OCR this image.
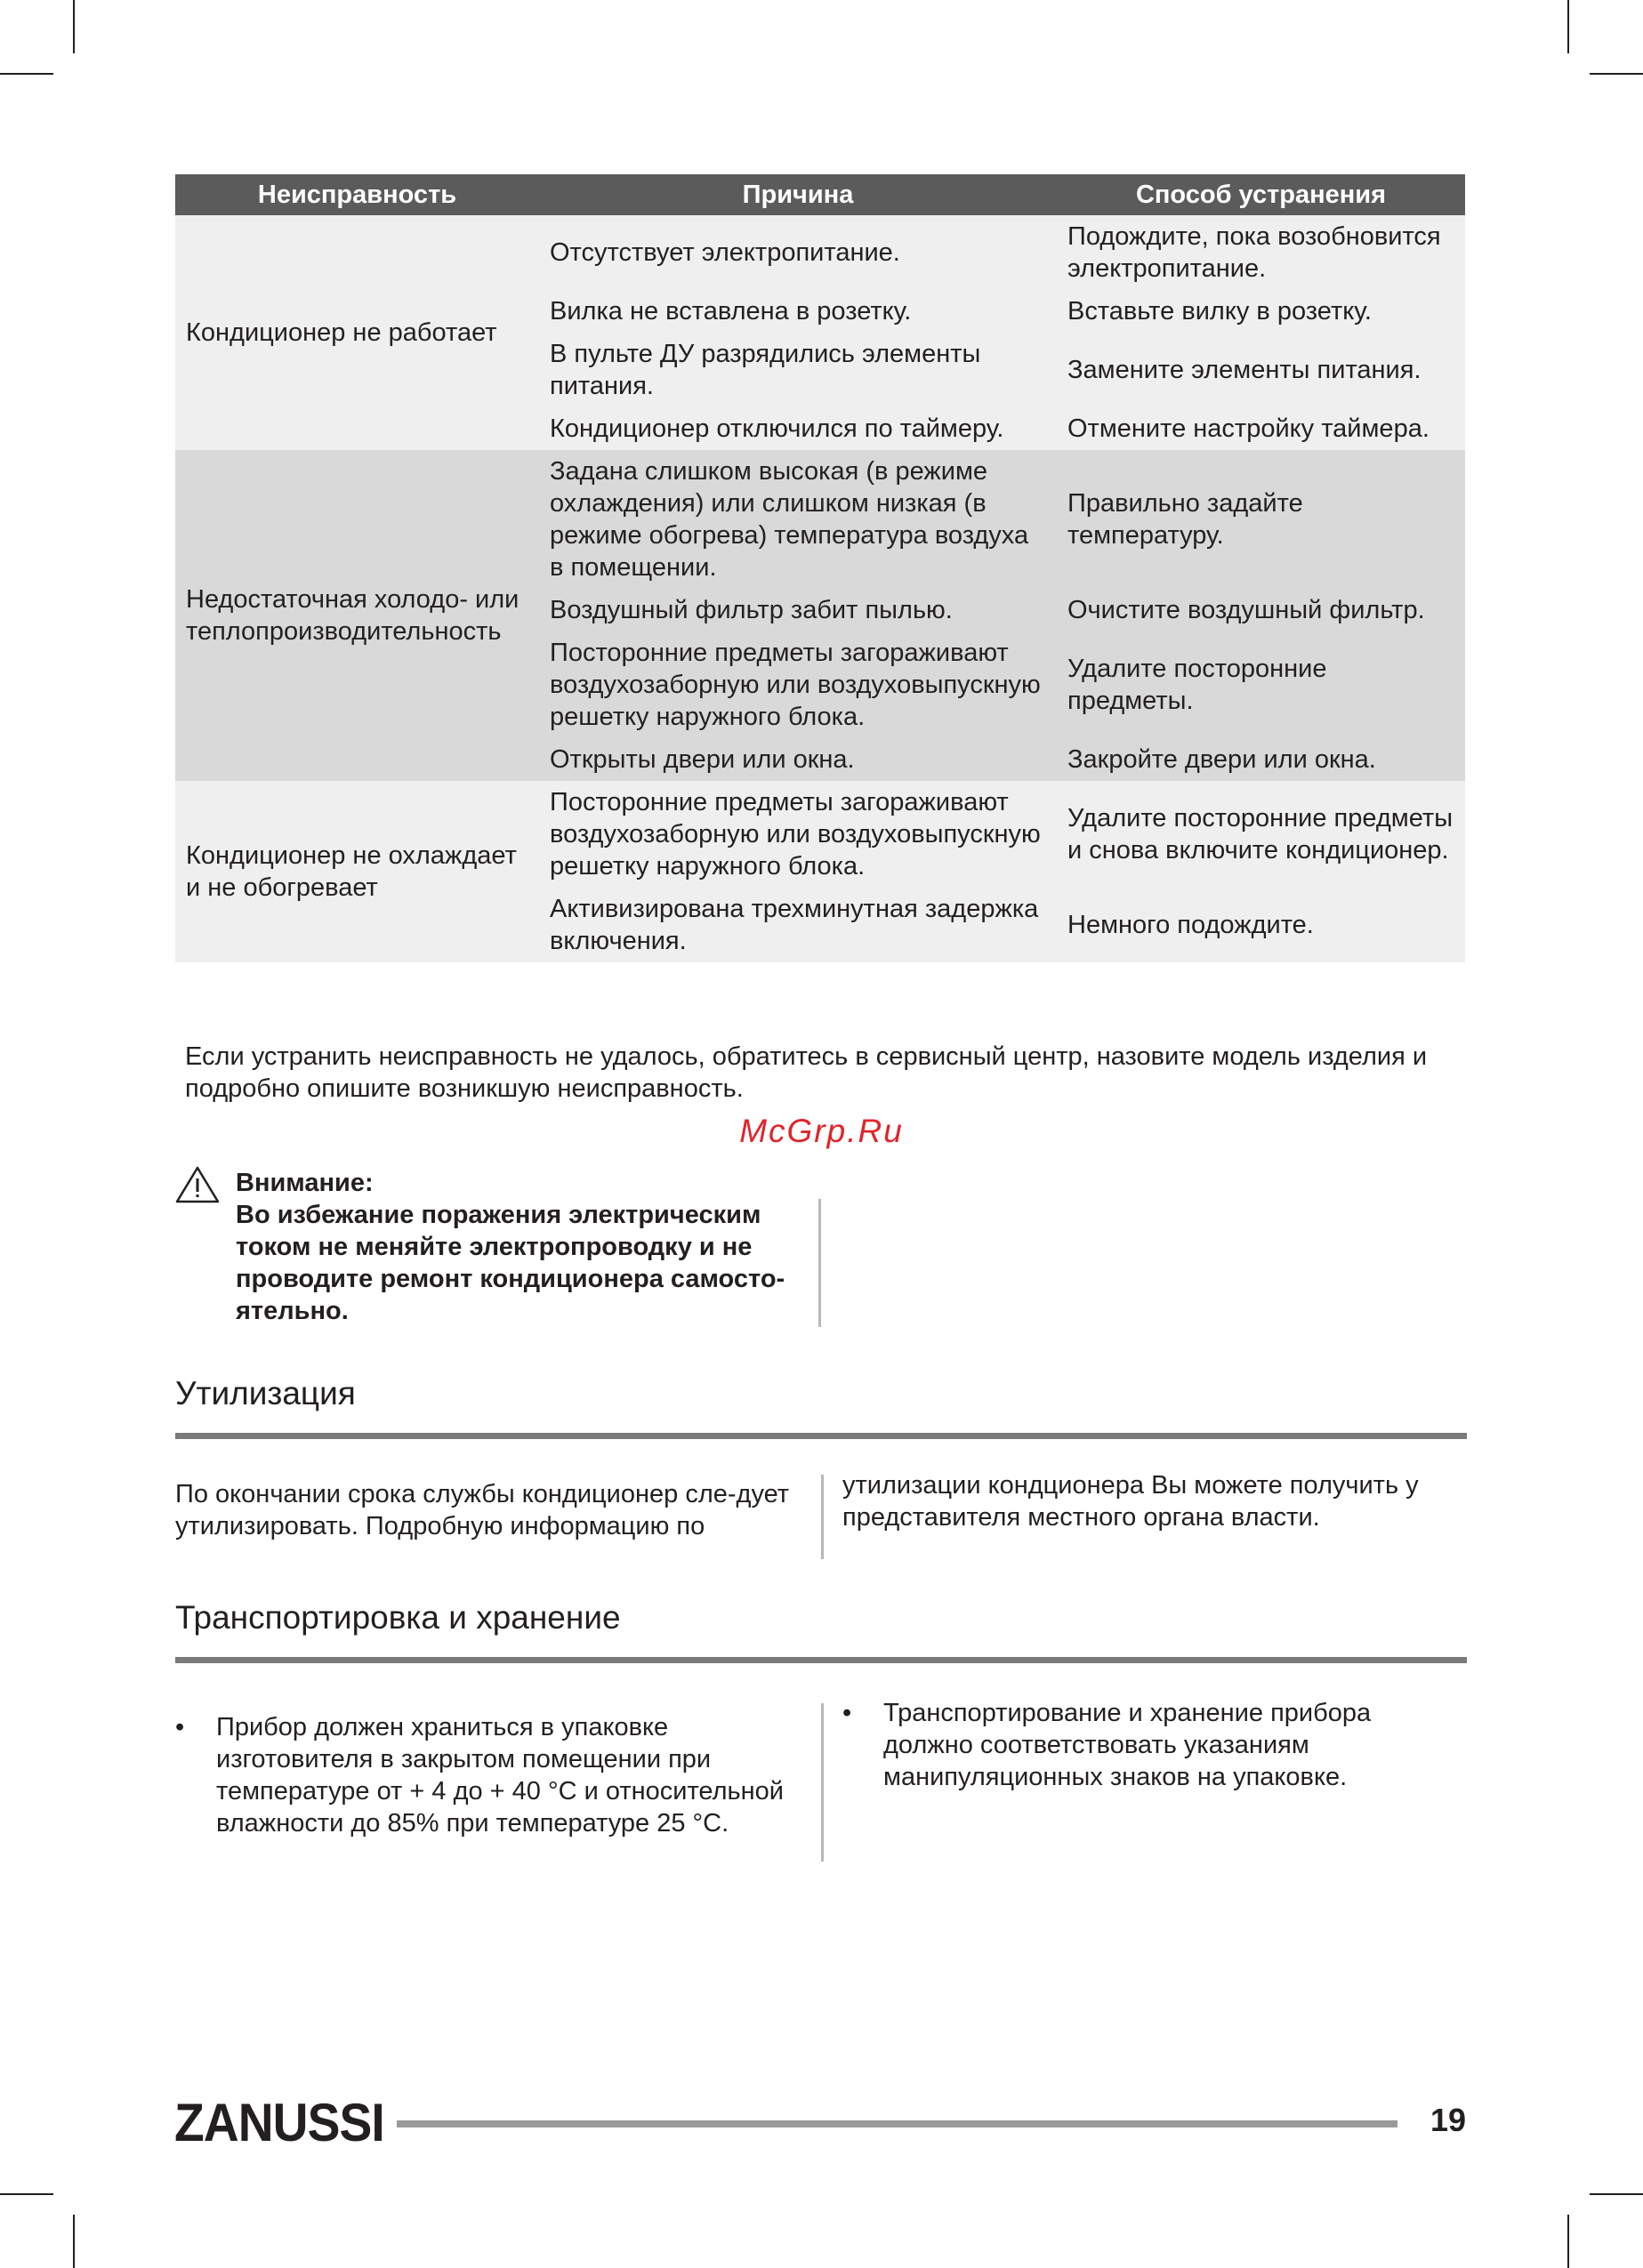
Неисправность	Причина	Способ устранения
Кондиционер не работает	Отсутствует электропитание.	Подождите, пока возобновится электропитание.
	Вилка не вставлена в розетку.	Вставьте вилку в розетку.
	В пульте ДУ разрядились элементы питания.	Замените элементы питания.
	Кондиционер отключился по таймеру.	Отмените настройку таймера.
Недостаточная холодо- или теплопроизводительность	Задана слишком высокая (в режиме охлаждения) или слишком низкая (в режиме обогрева) температура воздуха в помещении.	Правильно задайте температуру.
	Воздушный фильтр забит пылью.	Очистите воздушный фильтр.
	Посторонние предметы загораживают воздухозаборную или воздуховыпускную решетку наружного блока.	Удалите посторонние предметы.
	Открыты двери или окна.	Закройте двери или окна.
Кондиционер не охлаждает и не обогревает	Посторонние предметы загораживают воздухозаборную или воздуховыпускную решетку наружного блока.	Удалите посторонние предметы и снова включите кондиционер.
	Активизирована трехминутная задержка включения.	Немного подождите.
Если устранить неисправность не удалось, обратитесь в сервисный центр, назовите модель изделия и подробно опишите возникшую неисправность.
McGrp.Ru
Внимание:
Во избежание поражения электрическим током не меняйте электропроводку и не проводите ремонт кондиционера самосто-ятельно.
Утилизация
По окончании срока службы кондиционер сле-дует утилизировать. Подробную информацию по
утилизации кондционера Вы можете получить у представителя местного органа власти.
Транспортировка и хранение
• Прибор должен храниться в упаковке изготовителя в закрытом помещении при температуре от + 4 до + 40 °C и относительной влажности до 85% при температуре 25 °C.
• Транспортирование и хранение прибора должно соответствовать указаниям манипуляционных знаков на упаковке.
ZANUSSI	19
